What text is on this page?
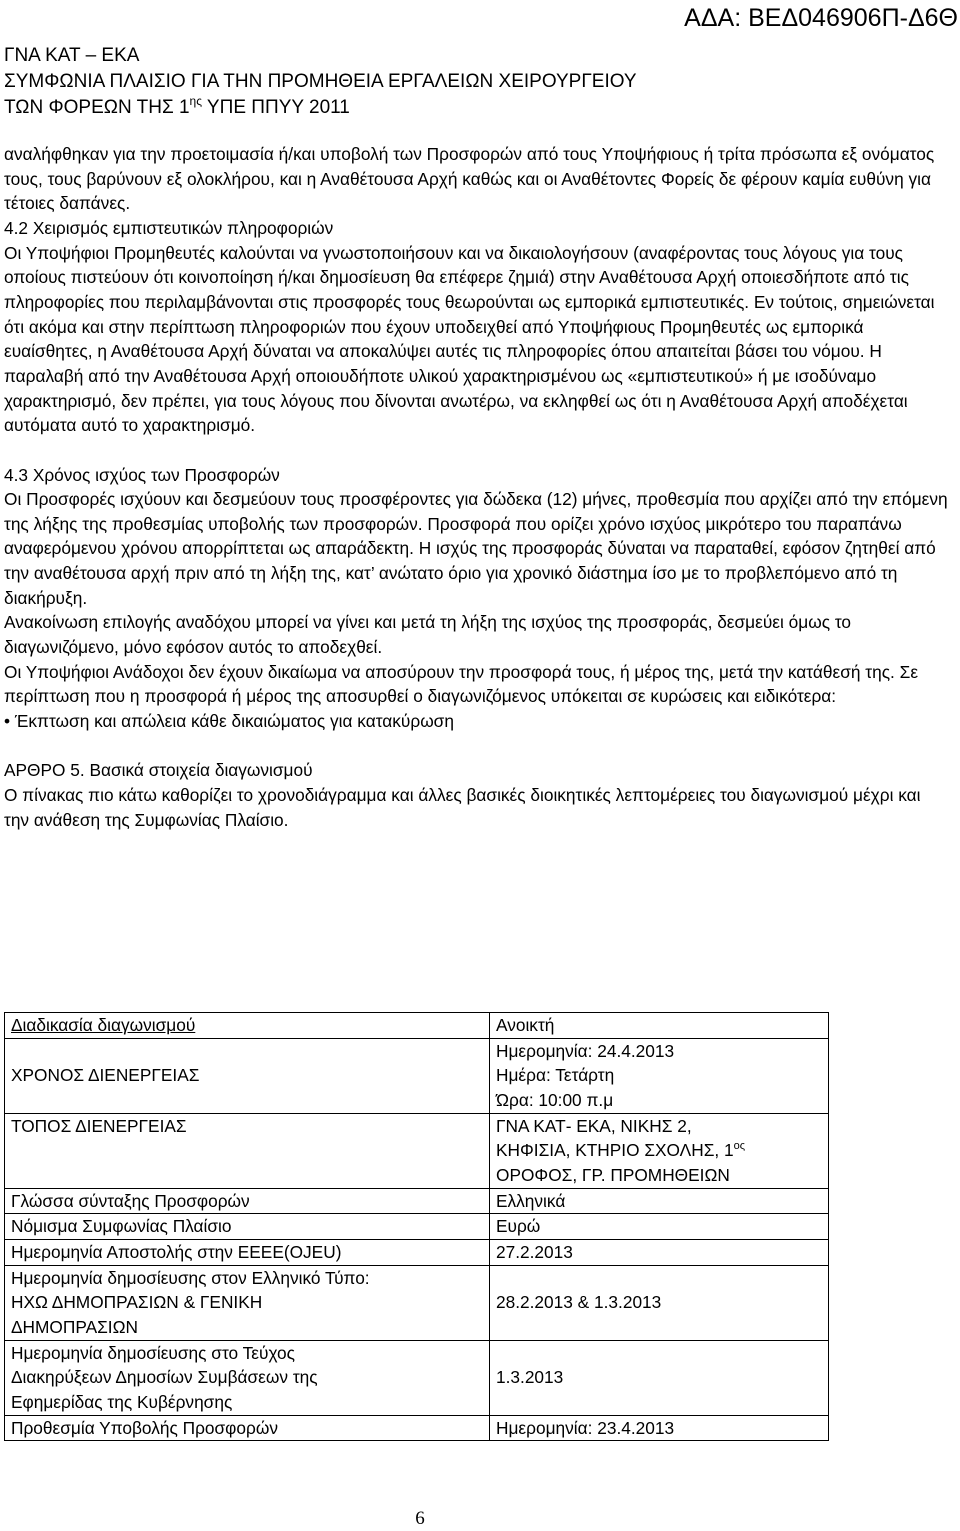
ΑΔΑ: ΒΕΔ046906Π-Δ6Θ
ΓΝΑ ΚΑΤ – ΕΚΑ
ΣΥΜΦΩΝΙΑ ΠΛΑΙΣΙΟ ΓΙΑ ΤΗΝ ΠΡΟΜΗΘΕΙΑ ΕΡΓΑΛΕΙΩΝ ΧΕΙΡΟΥΡΓΕΙΟΥ
ΤΩΝ ΦΟΡΕΩΝ ΤΗΣ $1^{\eta\varsigma}$ ΥΠΕ ΠΠΥΥ 2011

αναλήφθηκαν για την προετοιμασία ή/και υποβολή των Προσφορών από τους Υποψήφιους ή τρίτα πρόσωπα εξ ονόματος τους, τους βαρύνουν εξ ολοκλήρου, και η Αναθέτουσα Αρχή καθώς και οι Αναθέτοντες Φορείς δε φέρουν καμία ευθύνη για τέτοιες δαπάνες.

4.2 Χειρισμός εμπιστευτικών πληροφοριών

Οι Υποψήφιοι Προμηθευτές καλούνται να γνωστοποιήσουν και να δικαιολογήσουν (αναφέροντας τους λόγους για τους οποίους πιστεύουν ότι κοινοποίηση ή/και δημοσίευση θα επέφερε ζημιά) στην Αναθέτουσα Αρχή οποιεσδήποτε από τις πληροφορίες που περιλαμβάνονται στις προσφορές τους θεωρούνται ως εμπορικά εμπιστευτικές. Εν τούτοις, σημειώνεται ότι ακόμα και στην περίπτωση πληροφοριών που έχουν υποδειχθεί από Υποψήφιους Προμηθευτές ως εμπορικά ευαίσθητες, η Αναθέτουσα Αρχή δύναται να αποκαλύψει αυτές τις πληροφορίες όπου απαιτείται βάσει του νόμου. Η παραλαβή από την Αναθέτουσα Αρχή οποιουδήποτε υλικού χαρακτηρισμένου ως «εμπιστευτικού» ή με ισοδύναμο χαρακτηρισμό, δεν πρέπει, για τους λόγους που δίνονται ανωτέρω, να εκληφθεί ως ότι η Αναθέτουσα Αρχή αποδέχεται αυτόματα αυτό το χαρακτηρισμό.

4.3 Χρόνος ισχύος των Προσφορών

Οι Προσφορές ισχύουν και δεσμεύουν τους προσφέροντες για δώδεκα (12) μήνες, προθεσμία που αρχίζει από την επόμενη της λήξης της προθεσμίας υποβολής των προσφορών. Προσφορά που ορίζει χρόνο ισχύος μικρότερο του παραπάνω αναφερόμενου χρόνου απορρίπτεται ως απαράδεκτη. Η ισχύς της προσφοράς δύναται να παραταθεί, εφόσον ζητηθεί από την αναθέτουσα αρχή πριν από τη λήξη της, κατ’ ανώτατο όριο για χρονικό διάστημα ίσο με το προβλεπόμενο από τη διακήρυξη.

Ανακοίνωση επιλογής αναδόχου μπορεί να γίνει και μετά τη λήξη της ισχύος της προσφοράς, δεσμεύει όμως το διαγωνιζόμενο, μόνο εφόσον αυτός το αποδεχθεί.

Οι Υποψήφιοι Ανάδοχοι δεν έχουν δικαίωμα να αποσύρουν την προσφορά τους, ή μέρος της, μετά την κατάθεσή της. Σε περίπτωση που η προσφορά ή μέρος της αποσυρθεί ο διαγωνιζόμενος υπόκειται σε κυρώσεις και ειδικότερα:

• Έκπτωση και απώλεια κάθε δικαιώματος για κατακύρωση

ΑΡΘΡΟ 5. Βασικά στοιχεία διαγωνισμού

Ο πίνακας πιο κάτω καθορίζει το χρονοδιάγραμμα και άλλες βασικές διοικητικές λεπτομέρειες του διαγωνισμού μέχρι και την ανάθεση της Συμφωνίας Πλαίσιο.

Διαδικασία διαγωνισμού	Ανοικτή
ΧΡΟΝΟΣ ΔΙΕΝΕΡΓΕΙΑΣ	Ημερομηνία: 24.4.2013
Ημέρα: Τετάρτη
Ώρα: 10:00 π.μ

ΤΟΠΟΣ ΔΙΕΝΕΡΓΕΙΑΣ	ΓΝΑ ΚΑΤ- ΕΚΑ, ΝΙΚΗΣ 2,
ΚΗΦΙΣΙΑ, ΚΤΗΡΙΟ ΣΧΟΛΗΣ, $1^{o\varsigma}$
ΟΡΟΦΟΣ, ΓΡ. ΠΡΟΜΗΘΕΙΩΝ

Γλώσσα σύνταξης Προσφορών	Ελληνικά
Νόμισμα Συμφωνίας Πλαίσιο	Ευρώ
Ημερομηνία Αποστολής στην ΕΕΕΕ(OJEU)	27.2.2013

Ημερομηνία δημοσίευσης στον Ελληνικό Τύπο:
ΗΧΩ ΔΗΜΟΠΡΑΣΙΩΝ & ΓΕΝΙΚΗ
ΔΗΜΟΠΡΑΣΙΩΝ	28.2.2013 & 1.3.2013

Ημερομηνία δημοσίευσης στο Τεύχος
Διακηρύξεων Δημοσίων Συμβάσεων της
Εφημερίδας της Κυβέρνησης	1.3.2013
Προθεσμία Υποβολής Προσφορών	Ημερομηνία: 23.4.2013
6
